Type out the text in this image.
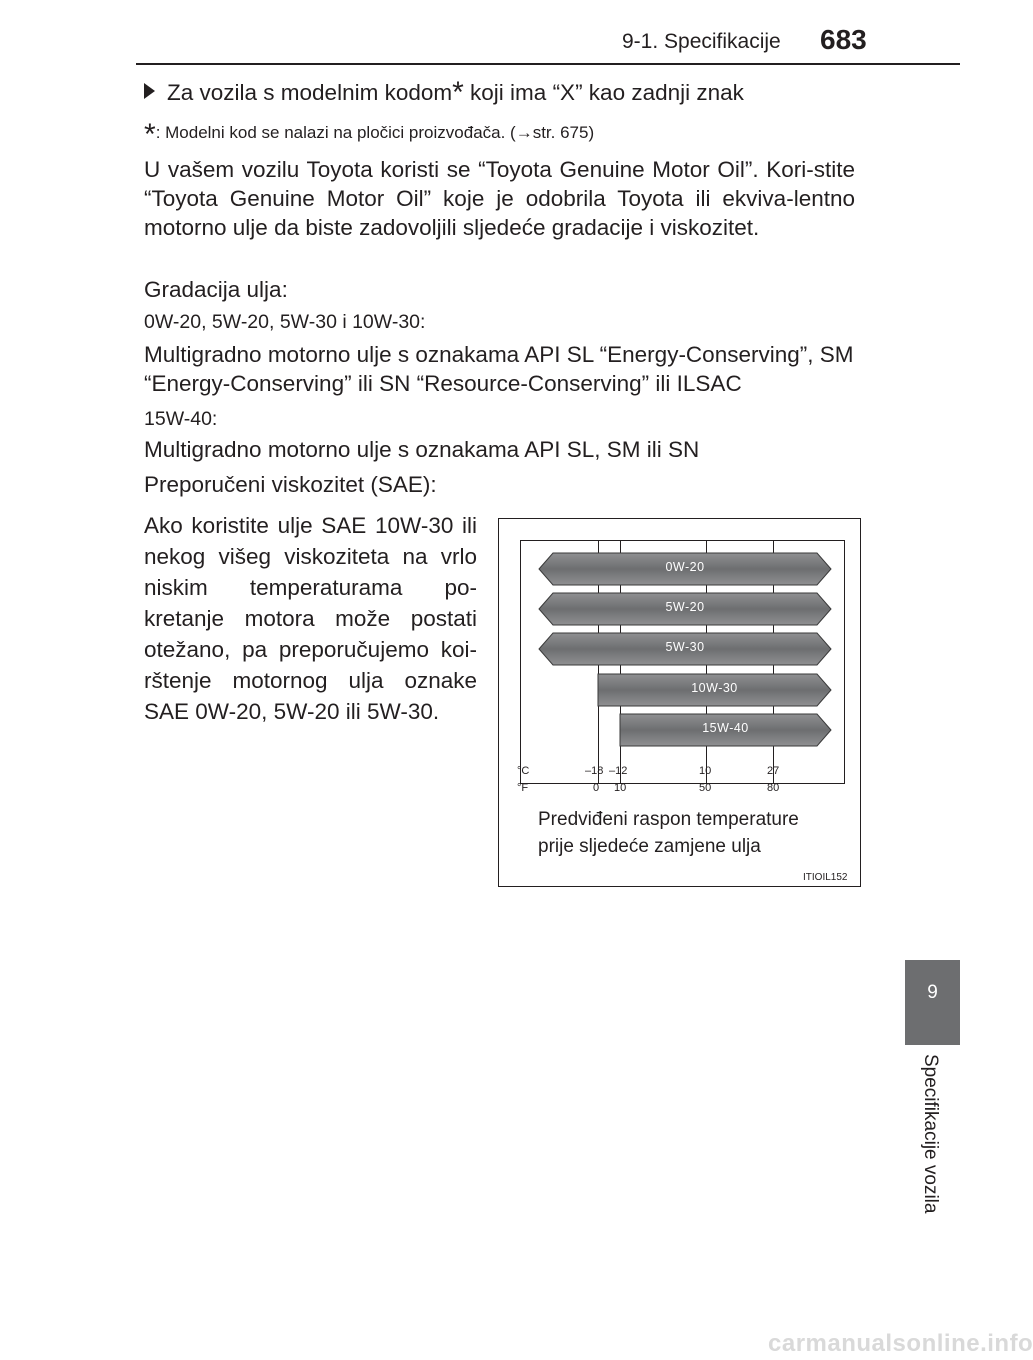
9-1. Specifikacije 683
Za vozila s modelnim kodom* koji ima “X” kao zadnji znak
*: Modelni kod se nalazi na pločici proizvođača. (→str. 675)
U vašem vozilu Toyota koristi se “Toyota Genuine Motor Oil”. Kori-stite “Toyota Genuine Motor Oil” koje je odobrila Toyota ili ekviva-lentno motorno ulje da biste zadovoljili sljedeće gradacije i viskozitet.
Gradacija ulja:
0W-20, 5W-20, 5W-30 i 10W-30:
Multigradno motorno ulje s oznakama API SL “Energy-Conserving”, SM “Energy-Conserving” ili SN “Resource-Conserving” ili ILSAC
15W-40:
Multigradno motorno ulje s oznakama API SL, SM ili SN
Preporučeni viskozitet (SAE):
Ako koristite ulje SAE 10W-30 ili nekog višeg viskoziteta na vrlo niskim temperaturama po-kretanje motora može postati otežano, pa preporučujemo koi-rštenje motornog ulja oznake SAE 0W-20, 5W-20 ili 5W-30.
0W-20
5W-20
5W-30
10W-30
15W-40
°C	–18 –12	10	27
°F	0 10	50	80
Predviđeni raspon temperature
prije sljedeće zamjene ulja
ITIOIL152
9
Specifikacije vozila
carmanualsonline.info
